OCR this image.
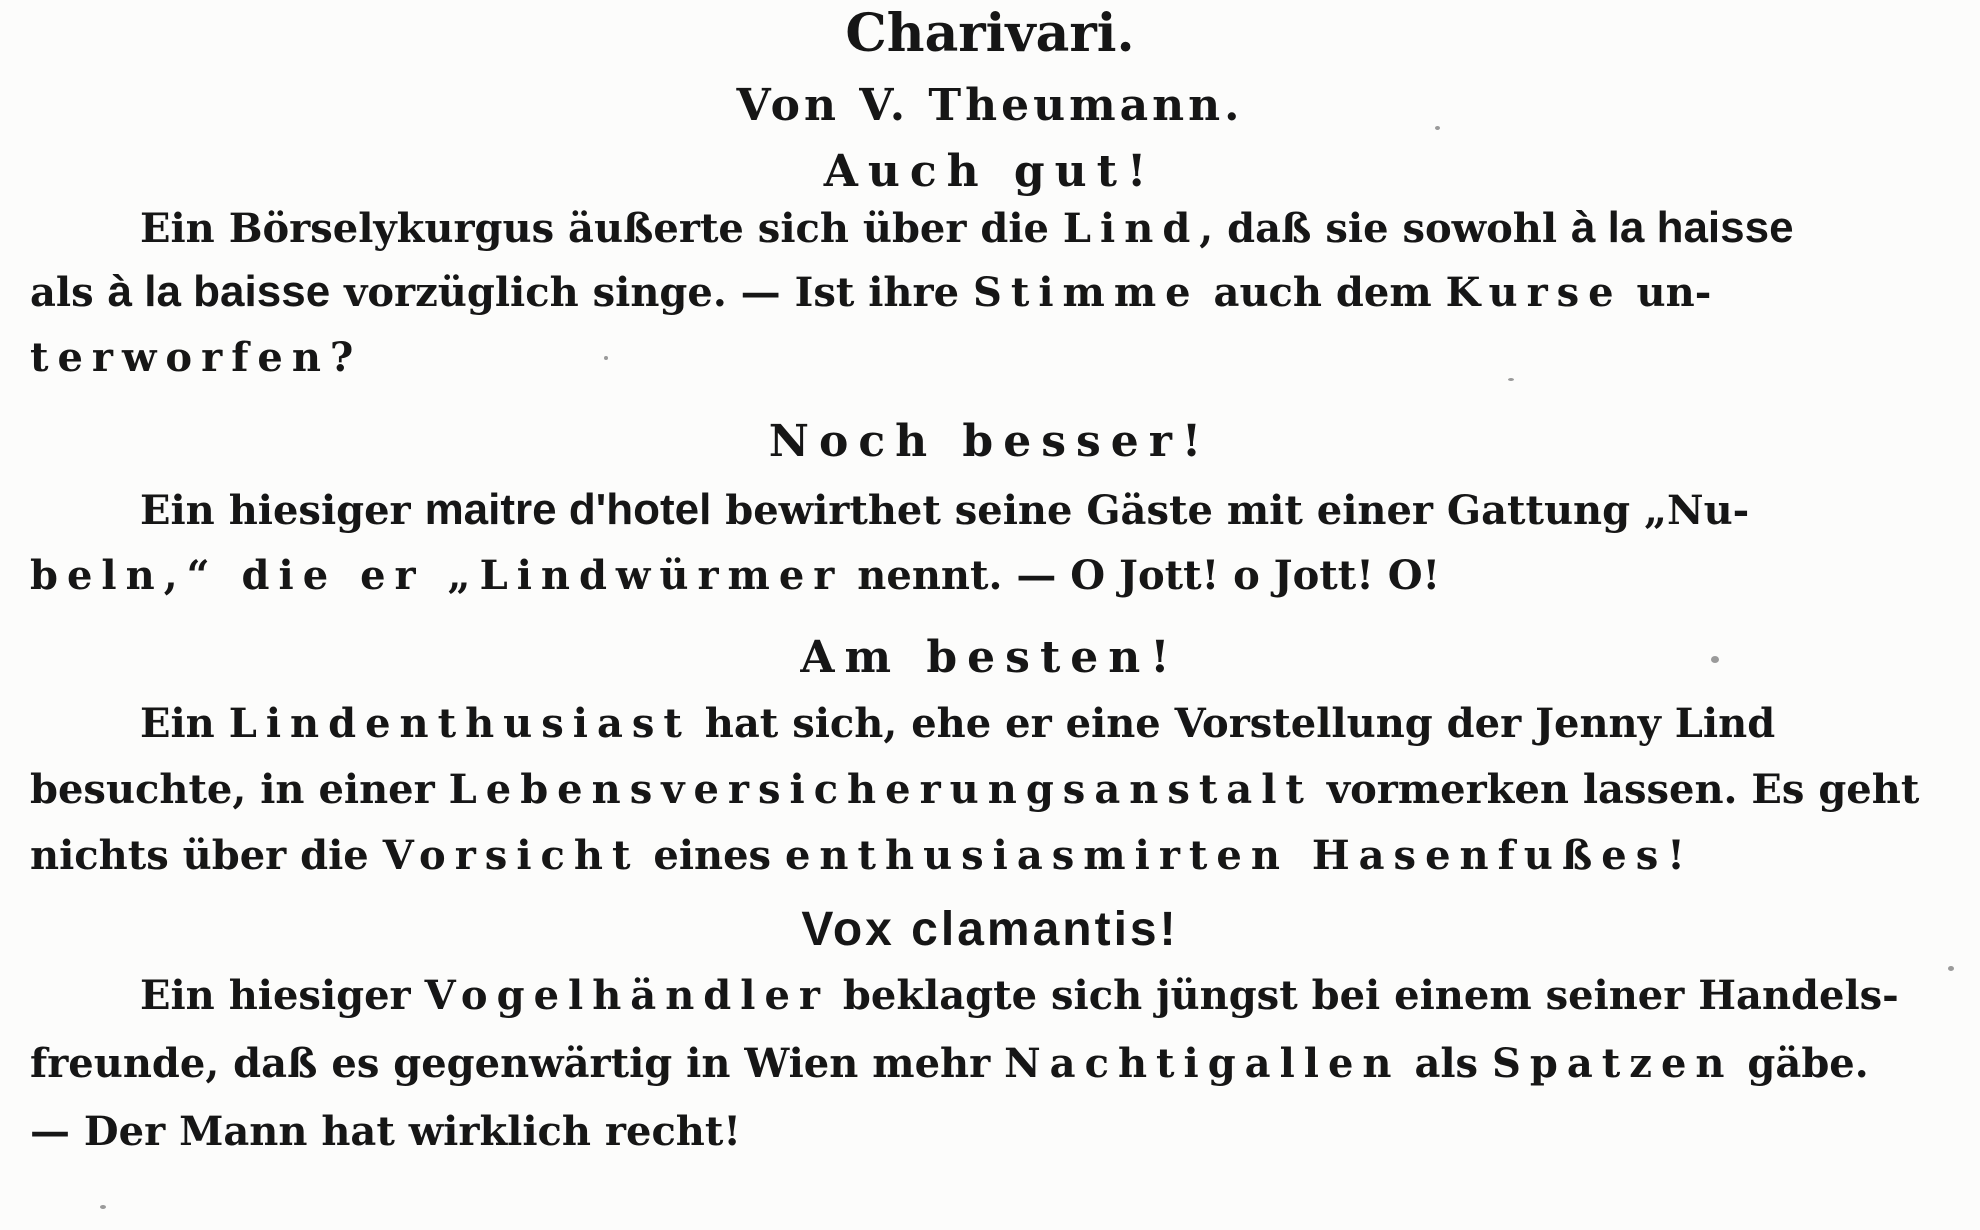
Charivari.
Von V. Theumann.
Auch gut!
Ein Börselykurgus äußerte sich über die Lind, daß sie sowohl à la haisse
als à la baisse vorzüglich singe. — Ist ihre Stimme auch dem Kurse un-
terworfen?
Noch besser!
Ein hiesiger maitre d'hotel bewirthet seine Gäste mit einer Gattung „Nu-
beln,“ die er „Lindwürmer nennt. — O Jott! o Jott! O!
Am besten!
Ein Lindenthusiast hat sich, ehe er eine Vorstellung der Jenny Lind
besuchte, in einer Lebensversicherungsanstalt vormerken lassen. Es geht
nichts über die Vorsicht eines enthusiasmirten Hasenfußes!
Vox clamantis!
Ein hiesiger Vogelhändler beklagte sich jüngst bei einem seiner Handels-
freunde, daß es gegenwärtig in Wien mehr Nachtigallen als Spatzen gäbe.
— Der Mann hat wirklich recht!
